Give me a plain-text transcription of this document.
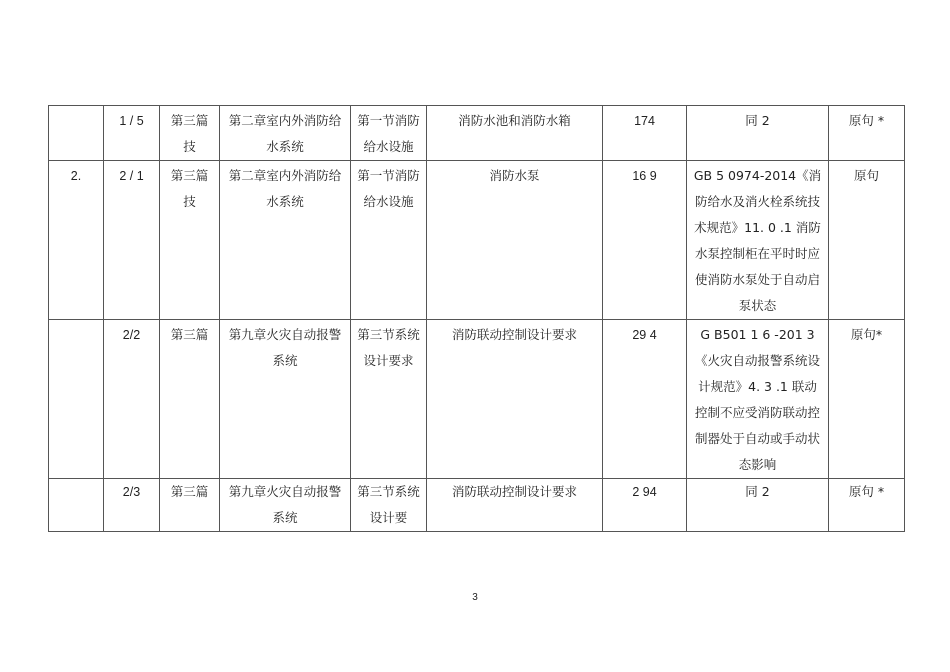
	1 / 5	第三篇技	第二章室内外消防给水系统	第一节消防给水设施	消防水池和消防水箱	174	同 2	原句 *
2.	2 / 1	第三篇技	第二章室内外消防给水系统	第一节消防给水设施	消防水泵	16 9	GB 5 0974-2014《消防给水及消火栓系统技术规范》11. 0 .1 消防水泵控制柜在平时时应使消防水泵处于自动启泵状态	原句
	2/2	第三篇	第九章火灾自动报警系统	第三节系统设计要求	消防联动控制设计要求	29 4	G B501 1 6 -201 3《火灾自动报警系统设计规范》4. 3 .1 联动控制不应受消防联动控制器处于自动或手动状态影响	原句*
	2/3	第三篇	第九章火灾自动报警系统	第三节系统设计要	消防联动控制设计要求	2 94	同 2	原句 *
3
